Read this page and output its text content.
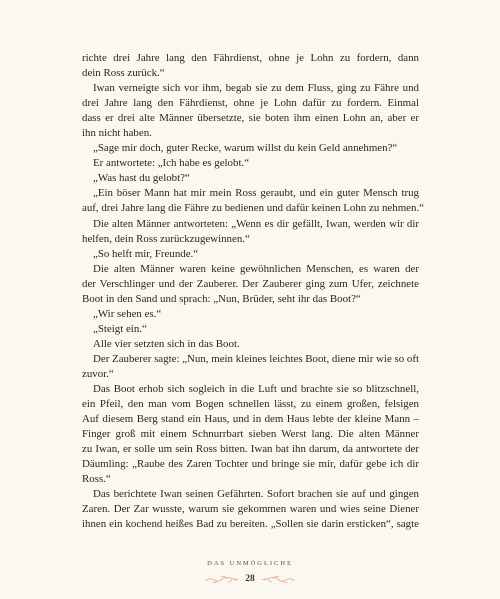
richte drei Jahre lang den Fährdienst, ohne je Lohn zu fordern, dann
dein Ross zurück.“
Iwan verneigte sich vor ihm, begab sie zu dem Fluss, ging zu Fähre und
drei Jahre lang den Fährdienst, ohne je Lohn dafür zu fordern. Einmal
dass er drei alte Männer übersetzte, sie boten ihm einen Lohn an, aber er
ihn nicht haben.
„Sage mir doch, guter Recke, warum willst du kein Geld annehmen?“
Er antwortete: „Ich habe es gelobt.“
„Was hast du gelobt?“
„Ein böser Mann hat mir mein Ross geraubt, und ein guter Mensch trug
auf, drei Jahre lang die Fähre zu bedienen und dafür keinen Lohn zu nehmen.“
Die alten Männer antworteten: „Wenn es dir gefällt, Iwan, werden wir dir
helfen, dein Ross zurückzugewinnen.“
„So helft mir, Freunde.“
Die alten Männer waren keine gewöhnlichen Menschen, es waren der
der Verschlinger und der Zauberer. Der Zauberer ging zum Ufer, zeichnete
Boot in den Sand und sprach: „Nun, Brüder, seht ihr das Boot?“
„Wir sehen es.“
„Steigt ein.“
Alle vier setzten sich in das Boot.
Der Zauberer sagte: „Nun, mein kleines leichtes Boot, diene mir wie so oft
zuvor.“
Das Boot erhob sich sogleich in die Luft und brachte sie so blitzschnell,
ein Pfeil, den man vom Bogen schnellen lässt, zu einem großen, felsigen
Auf diesem Berg stand ein Haus, und in dem Haus lebte der kleine Mann –
Finger groß mit einem Schnurrbart sieben Werst lang. Die alten Männer
zu Iwan, er solle um sein Ross bitten. Iwan bat ihn darum, da antwortete der
Däumling: „Raube des Zaren Tochter und bringe sie mir, dafür gebe ich dir
Ross.“
Das berichtete Iwan seinen Gefährten. Sofort brachen sie auf und gingen
Zaren. Der Zar wusste, warum sie gekommen waren und wies seine Diener
ihnen ein kochend heißes Bad zu bereiten. „Sollen sie darin ersticken“, sagte
DAS UNMÖGLICHE
28
